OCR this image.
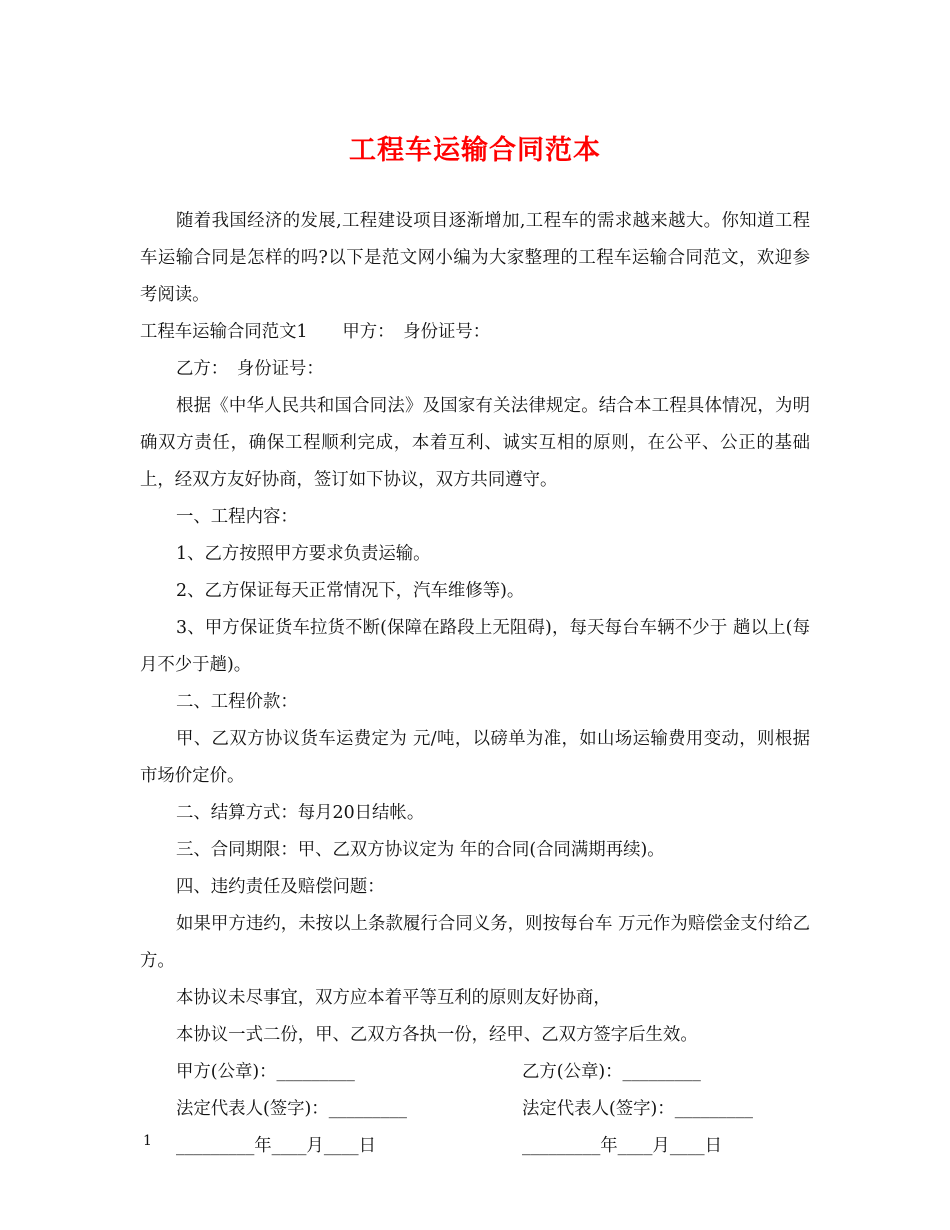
工程车运输合同范本

随着我国经济的发展,工程建设项目逐渐增加,工程车的需求越来越大。你知道工程车运输合同是怎样的吗?以下是范文网小编为大家整理的工程车运输合同范文，欢迎参考阅读。

工程车运输合同范文1　　甲方：　身份证号：

乙方：　身份证号：

根据《中华人民共和国合同法》及国家有关法律规定。结合本工程具体情况，为明确双方责任，确保工程顺利完成，本着互利、诚实互相的原则，在公平、公正的基础上，经双方友好协商，签订如下协议，双方共同遵守。

一、工程内容：

1、乙方按照甲方要求负责运输。

2、乙方保证每天正常情况下，汽车维修等)。

3、甲方保证货车拉货不断(保障在路段上无阻碍)，每天每台车辆不少于 趟以上(每月不少于趟)。

二、工程价款：

甲、乙双方协议货车运费定为 元/吨，以磅单为准，如山场运输费用变动，则根据市场价定价。

二、结算方式：每月20日结帐。

三、合同期限：甲、乙双方协议定为 年的合同(合同满期再续)。

四、违约责任及赔偿问题：

如果甲方违约，未按以上条款履行合同义务，则按每台车 万元作为赔偿金支付给乙方。

本协议未尽事宜，双方应本着平等互利的原则友好协商，

本协议一式二份，甲、乙双方各执一份，经甲、乙双方签字后生效。

甲方(公章)：_________	乙方(公章)：_________
法定代表人(签字)：_________	法定代表人(签字)：_________
_________年____月____日	_________年____月____日
1
